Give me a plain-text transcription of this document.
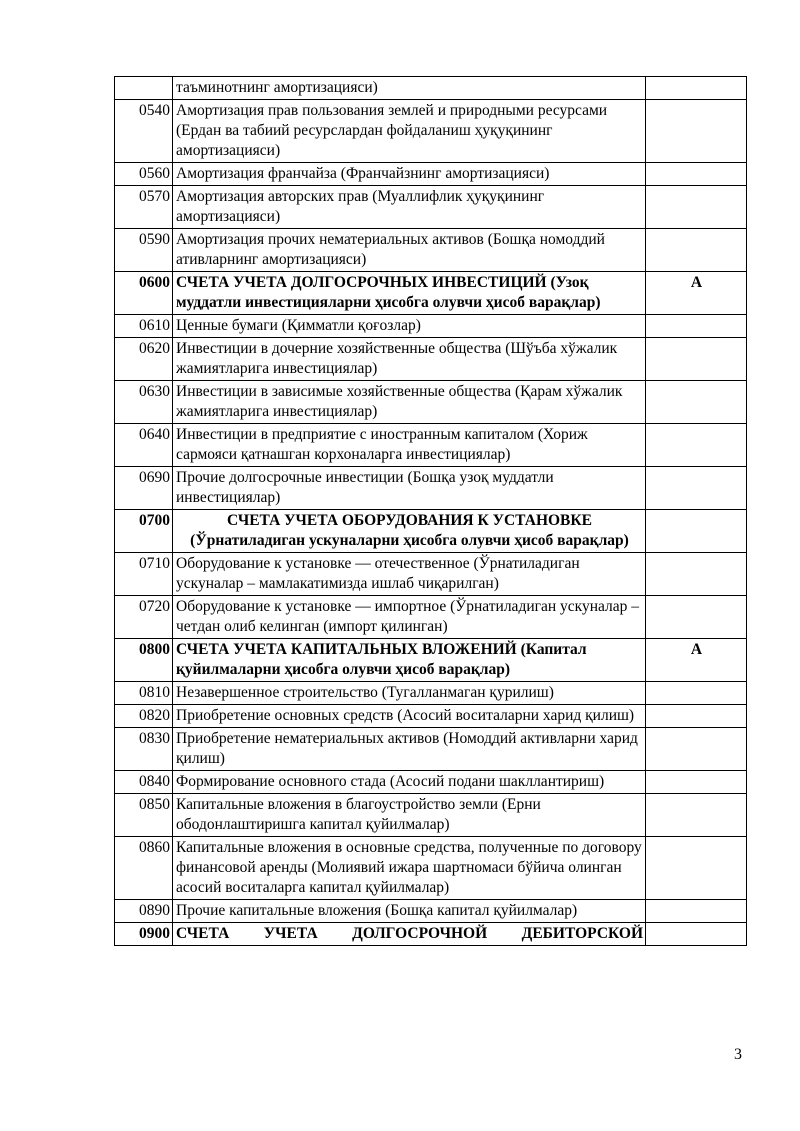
	таъминотнинг амортизацияси)	
0540	Амортизация прав пользования землей и природными ресурсами (Ердан ва табиий ресурслардан фойдаланиш ҳуқуқининг амортизацияси)	
0560	Амортизация франчайза (Франчайзнинг амортизацияси)	
0570	Амортизация авторских прав (Муаллифлик ҳуқуқининг амортизацияси)	
0590	Амортизация прочих нематериальных активов (Бошқа номоддий ативларнинг амортизацияси)	
0600	СЧЕТА УЧЕТА ДОЛГОСРОЧНЫХ ИНВЕСТИЦИЙ (Узоқ муддатли инвестицияларни ҳисобга олувчи ҳисоб варақлар)	А
0610	Ценные бумаги (Қимматли қоғозлар)	
0620	Инвестиции в дочерние хозяйственные общества (Шўъба хўжалик жамиятларига инвестициялар)	
0630	Инвестиции в зависимые хозяйственные общества (Қарам хўжалик жамиятларига инвестициялар)	
0640	Инвестиции в предприятие с иностранным капиталом (Хориж сармояси қатнашган корхоналарга инвестициялар)	
0690	Прочие долгосрочные инвестиции (Бошқа узоқ муддатли инвестициялар)	
0700	СЧЕТА УЧЕТА ОБОРУДОВАНИЯ К УСТАНОВКЕ (Ўрнатиладиган ускуналарни ҳисобга олувчи ҳисоб варақлар)	
0710	Оборудование к установке — отечественное (Ўрнатиладиган ускуналар – мамлакатимизда ишлаб чиқарилган)	
0720	Оборудование к установке — импортное (Ўрнатиладиган ускуналар – четдан олиб келинган (импорт қилинган)	
0800	СЧЕТА УЧЕТА КАПИТАЛЬНЫХ ВЛОЖЕНИЙ (Капитал қуйилмаларни ҳисобга олувчи ҳисоб варақлар)	А
0810	Незавершенное строительство (Тугалланмаган қурилиш)	
0820	Приобретение основных средств (Асосий воситаларни харид қилиш)	
0830	Приобретение нематериальных активов (Номоддий активларни харид қилиш)	
0840	Формирование основного стада (Асосий подани шакллантириш)	
0850	Капитальные вложения в благоустройство земли (Ерни ободонлаштиришга капитал қуйилмалар)	
0860	Капитальные вложения в основные средства, полученные по договору финансовой аренды (Молиявий ижара шартномаси бўйича олинган асосий воситаларга капитал қуйилмалар)	
0890	Прочие капитальные вложения (Бошқа капитал қуйилмалар)	
0900	СЧЕТА УЧЕТА ДОЛГОСРОЧНОЙ ДЕБИТОРСКОЙ	
3
